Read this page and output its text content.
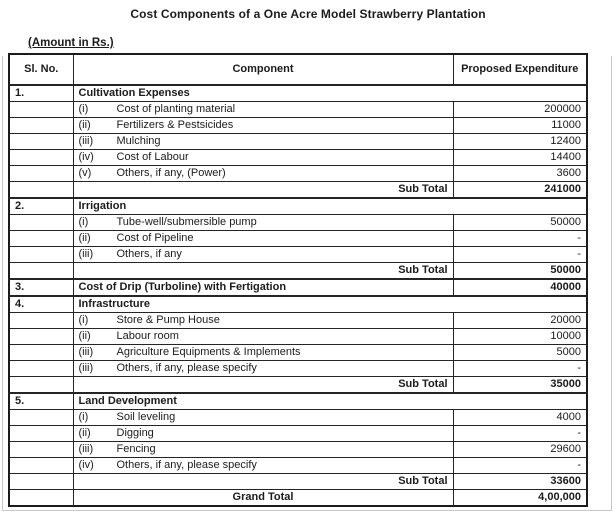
Cost Components of a One Acre Model Strawberry Plantation
(Amount in Rs.)
Sl. No.	Component	Proposed Expenditure
1.	Cultivation Expenses	
	(i) Cost of planting material	200000
	(ii) Fertilizers & Pestsicides	11000
	(iii) Mulching	12400
	(iv) Cost of Labour	14400
	(v) Others, if any, (Power)	3600
	Sub Total	241000
2.	Irrigation	
	(i) Tube-well/submersible pump	50000
	(ii) Cost of Pipeline	-
	(iii) Others, if any	-
	Sub Total	50000
3.	Cost of Drip (Turboline) with Fertigation	40000
4.	Infrastructure	
	(i) Store & Pump House	20000
	(ii) Labour room	10000
	(iii) Agriculture Equipments & Implements	5000
	(iii) Others, if any, please specify	-
	Sub Total	35000
5.	Land Development	
	(i) Soil leveling	4000
	(ii) Digging	-
	(iii) Fencing	29600
	(iv) Others, if any, please specify	-
	Sub Total	33600
	Grand Total	4,00,000
